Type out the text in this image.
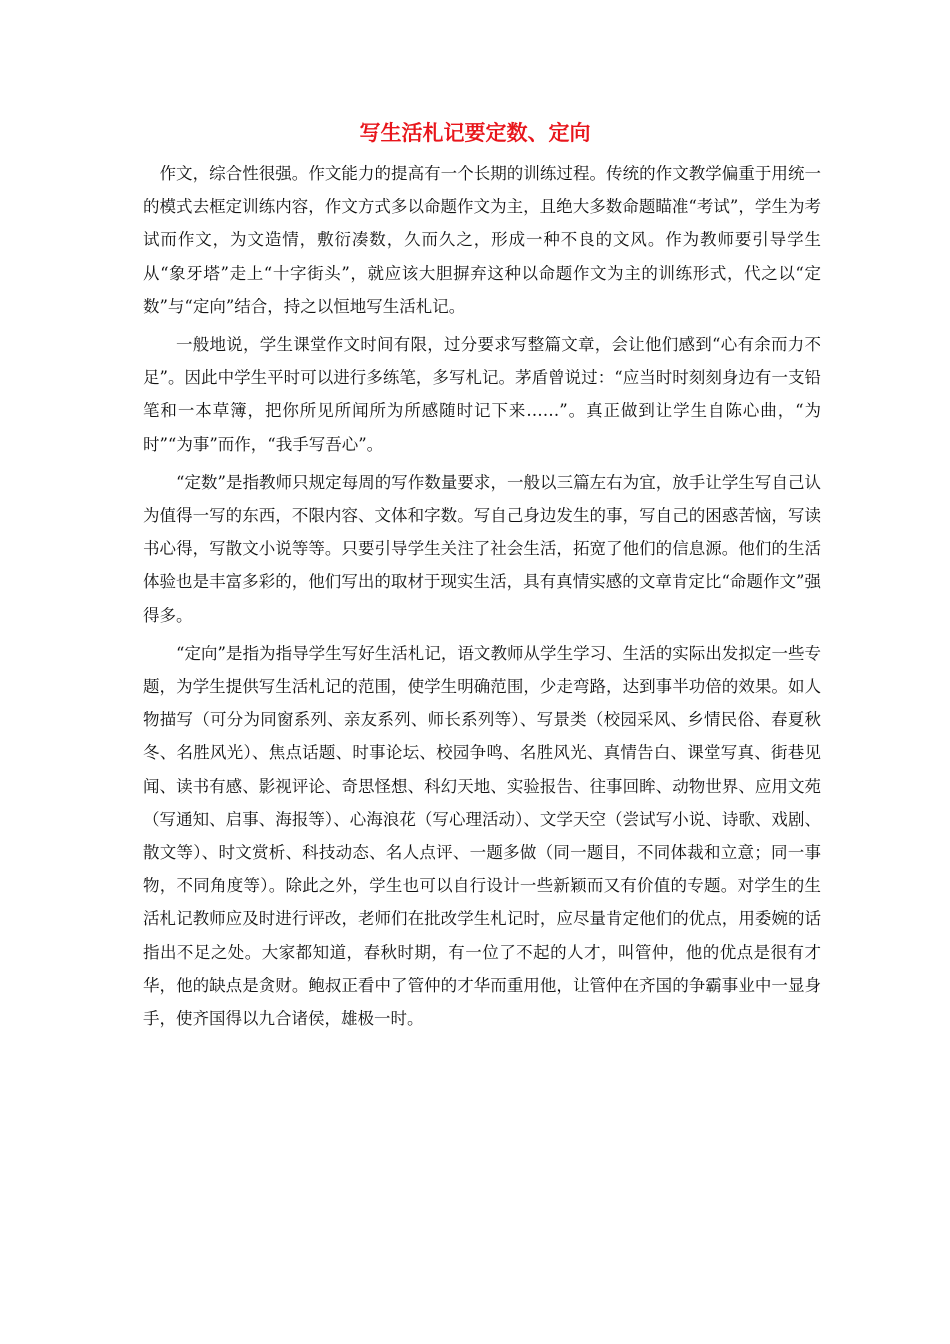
写生活札记要定数、定向

作文，综合性很强。作文能力的提高有一个长期的训练过程。传统的作文教学偏重于用统一的模式去框定训练内容，作文方式多以命题作文为主，且绝大多数命题瞄准“考试”，学生为考试而作文，为文造情，敷衍凑数，久而久之，形成一种不良的文风。作为教师要引导学生从“象牙塔”走上“十字街头”，就应该大胆摒弃这种以命题作文为主的训练形式，代之以“定数”与“定向”结合，持之以恒地写生活札记。

一般地说，学生课堂作文时间有限，过分要求写整篇文章，会让他们感到“心有余而力不足”。因此中学生平时可以进行多练笔，多写札记。茅盾曾说过：“应当时时刻刻身边有一支铅笔和一本草簿，把你所见所闻所为所感随时记下来……”。真正做到让学生自陈心曲，“为时”“为事”而作，“我手写吾心”。

“定数”是指教师只规定每周的写作数量要求，一般以三篇左右为宜，放手让学生写自己认为值得一写的东西，不限内容、文体和字数。写自己身边发生的事，写自己的困惑苦恼，写读书心得，写散文小说等等。只要引导学生关注了社会生活，拓宽了他们的信息源。他们的生活体验也是丰富多彩的，他们写出的取材于现实生活，具有真情实感的文章肯定比“命题作文”强得多。

“定向”是指为指导学生写好生活札记，语文教师从学生学习、生活的实际出发拟定一些专题，为学生提供写生活札记的范围，使学生明确范围，少走弯路，达到事半功倍的效果。如人物描写（可分为同窗系列、亲友系列、师长系列等）、写景类（校园采风、乡情民俗、春夏秋冬、名胜风光）、焦点话题、时事论坛、校园争鸣、名胜风光、真情告白、课堂写真、街巷见闻、读书有感、影视评论、奇思怪想、科幻天地、实验报告、往事回眸、动物世界、应用文苑（写通知、启事、海报等）、心海浪花（写心理活动）、文学天空（尝试写小说、诗歌、戏剧、散文等）、时文赏析、科技动态、名人点评、一题多做（同一题目，不同体裁和立意；同一事物，不同角度等）。除此之外，学生也可以自行设计一些新颖而又有价值的专题。对学生的生活札记教师应及时进行评改，老师们在批改学生札记时，应尽量肯定他们的优点，用委婉的话指出不足之处。大家都知道，春秋时期，有一位了不起的人才，叫管仲，他的优点是很有才华，他的缺点是贪财。鲍叔正看中了管仲的才华而重用他，让管仲在齐国的争霸事业中一显身手，使齐国得以九合诸侯，雄极一时。
